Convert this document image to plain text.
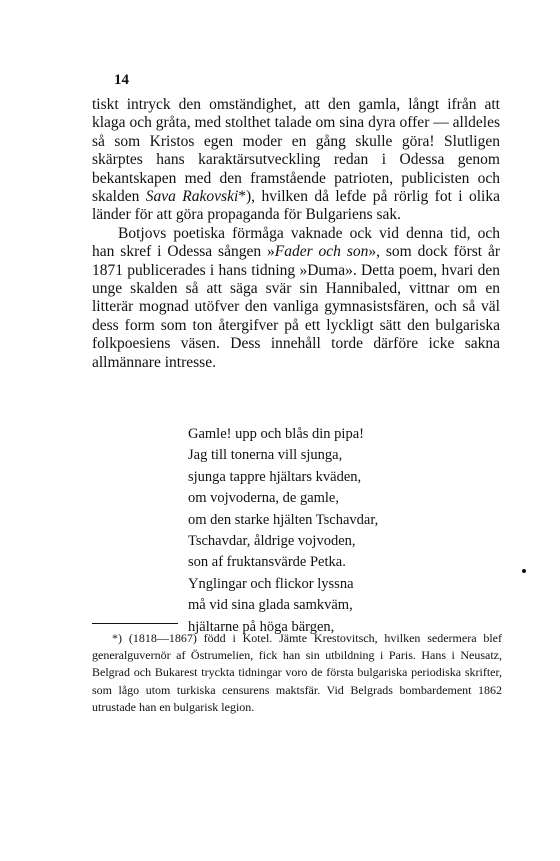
14

tiskt intryck den omständighet, att den gamla, långt ifrån att klaga och gråta, med stolthet talade om sina dyra offer — alldeles så som Kristos egen moder en gång skulle göra! Slutligen skärptes hans karaktärsutveckling redan i Odessa genom bekantskapen med den framstående patrioten, publicisten och skalden Sava Rakovski*), hvilken då lefde på rörlig fot i olika länder för att göra propaganda för Bulgariens sak.

Botjovs poetiska förmåga vaknade ock vid denna tid, och han skref i Odessa sången »Fader och son», som dock först år 1871 publicerades i hans tidning »Duma». Detta poem, hvari den unge skalden så att säga svär sin Hannibaled, vittnar om en litterär mognad utöfver den vanliga gymnasistsfären, och så väl dess form som ton återgifver på ett lyckligt sätt den bulgariska folkpoesiens väsen. Dess innehåll torde därföre icke sakna allmännare intresse.

Gamle! upp och blås din pipa!
Jag till tonerna vill sjunga,
sjunga tappre hjältars kväden,
om vojvoderna, de gamle,
om den starke hjälten Tschavdar,
Tschavdar, åldrige vojvoden,
son af fruktansvärde Petka.
Ynglingar och flickor lyssna
må vid sina glada samkväm,
hjältarne på höga bärgen,
*) (1818—1867) född i Kotel. Jämte Krestovitsch, hvilken sedermera blef generalguvernör af Östrumelien, fick han sin utbildning i Paris. Hans i Neusatz, Belgrad och Bukarest tryckta tidningar voro de första bulgariska periodiska skrifter, som lågo utom turkiska censurens maktsfär. Vid Belgrads bombardement 1862 utrustade han en bulgarisk legion.
